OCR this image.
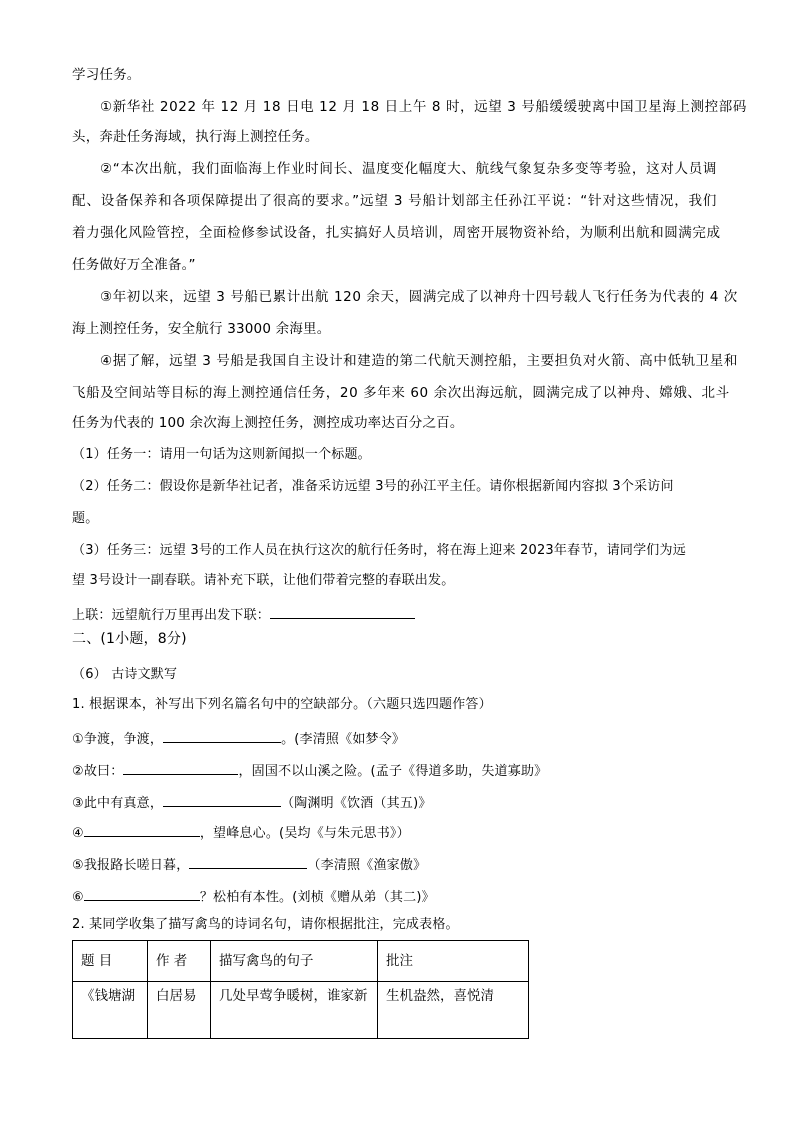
学习任务。
①新华社 2022 年 12 月 18 日电 12 月 18 日上午 8 时，远望 3 号船缓缓驶离中国卫星海上测控部码
头，奔赴任务海域，执行海上测控任务。
②“本次出航，我们面临海上作业时间长、温度变化幅度大、航线气象复杂多变等考验，这对人员调
配、设备保养和各项保障提出了很高的要求。”远望 3 号船计划部主任孙江平说：“针对这些情况，我们
着力强化风险管控，全面检修参试设备，扎实搞好人员培训，周密开展物资补给，为顺利出航和圆满完成
任务做好万全准备。”
③年初以来，远望 3 号船已累计出航 120 余天，圆满完成了以神舟十四号载人飞行任务为代表的 4 次
海上测控任务，安全航行 33000 余海里。
④据了解，远望 3 号船是我国自主设计和建造的第二代航天测控船，主要担负对火箭、高中低轨卫星和
飞船及空间站等目标的海上测控通信任务，20 多年来 60 余次出海远航，圆满完成了以神舟、嫦娥、北斗
任务为代表的 100 余次海上测控任务，测控成功率达百分之百。
（1）任务一：请用一句话为这则新闻拟一个标题。
（2）任务二：假设你是新华社记者，准备采访远望 3号的孙江平主任。请你根据新闻内容拟 3个采访问
题。
（3）任务三：远望 3号的工作人员在执行这次的航行任务时，将在海上迎来 2023年春节，请同学们为远
望 3号设计一副春联。请补充下联，让他们带着完整的春联出发。
上联：远望航行万里再出发下联：
二、(1小题，8分)
（6） 古诗文默写
1. 根据课本，补写出下列名篇名句中的空缺部分。（六题只选四题作答）
①争渡，争渡，	。(李清照《如梦令》
②故曰：	，固国不以山溪之险。(孟子《得道多助，失道寡助》
③此中有真意，	（陶渊明《饮酒（其五)》
④	，望峰息心。(吴均《与朱元思书》）
⑤我报路长嗟日暮，	（李清照《渔家傲》
⑥	？松柏有本性。(刘桢《赠从弟（其二)》
2. 某同学收集了描写禽鸟的诗词名句，请你根据批注，完成表格。
题 目	作 者	描写禽鸟的句子	批注
《钱塘湖	白居易	几处早莺争暖树，谁家新	生机盎然，喜悦清
